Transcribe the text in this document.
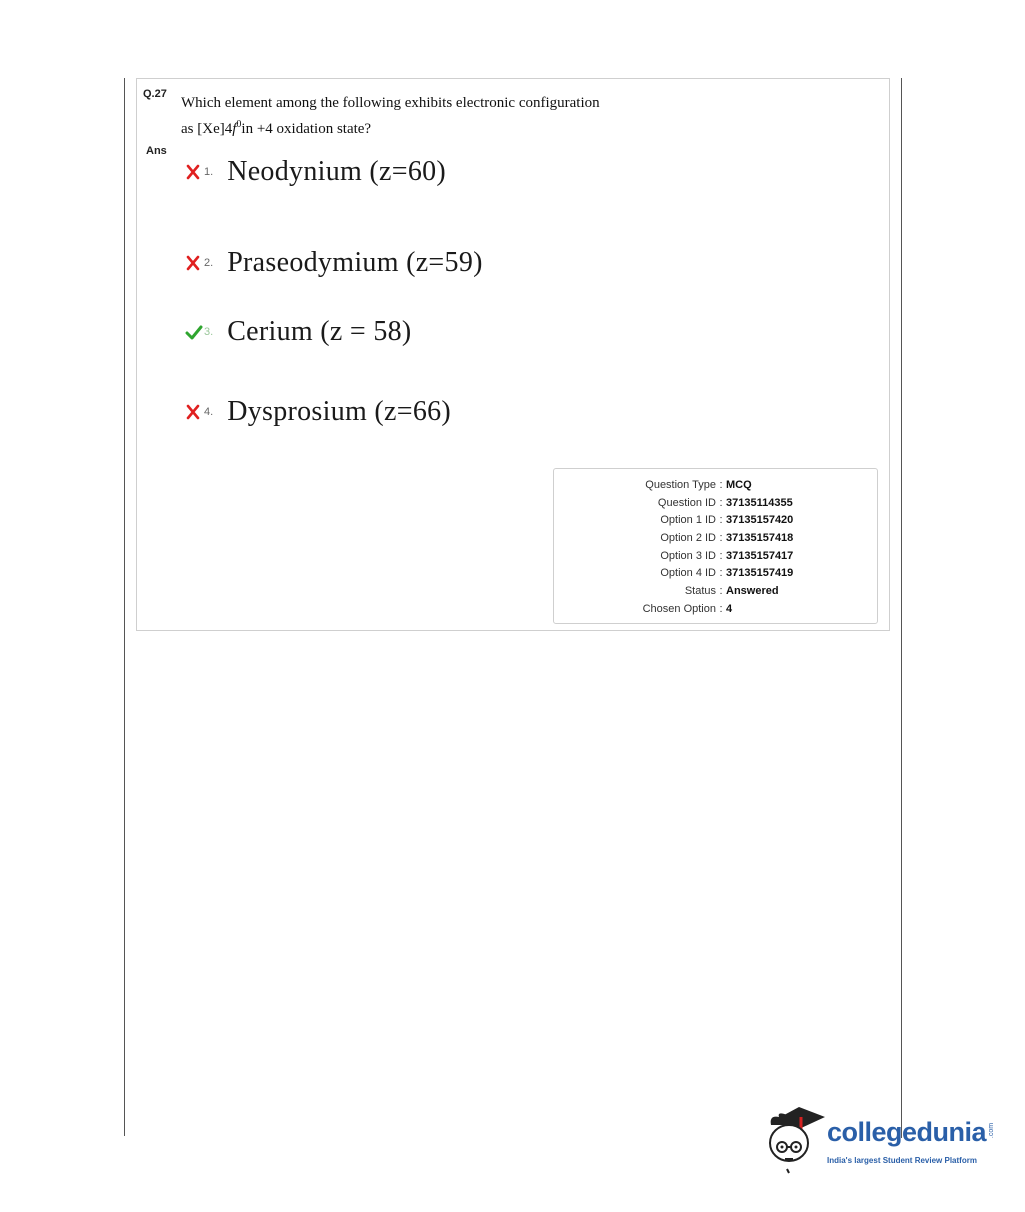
Q.27
Which element among the following exhibits electronic configuration
as $[Xe]4f^0in +4$ oxidation state?
Ans
1. Neodynium (z=60)
2. Praseodymium (z=59)
3. Cerium (z = 58)
4. Dysprosium (z=66)
Question Type : MCQ
Question ID : 37135114355
Option 1 ID : 37135157420
Option 2 ID : 37135157418
Option 3 ID : 37135157417
Option 4 ID : 37135157419
Status : Answered
Chosen Option : 4
collegedunia .com
India's largest Student Review Platform
